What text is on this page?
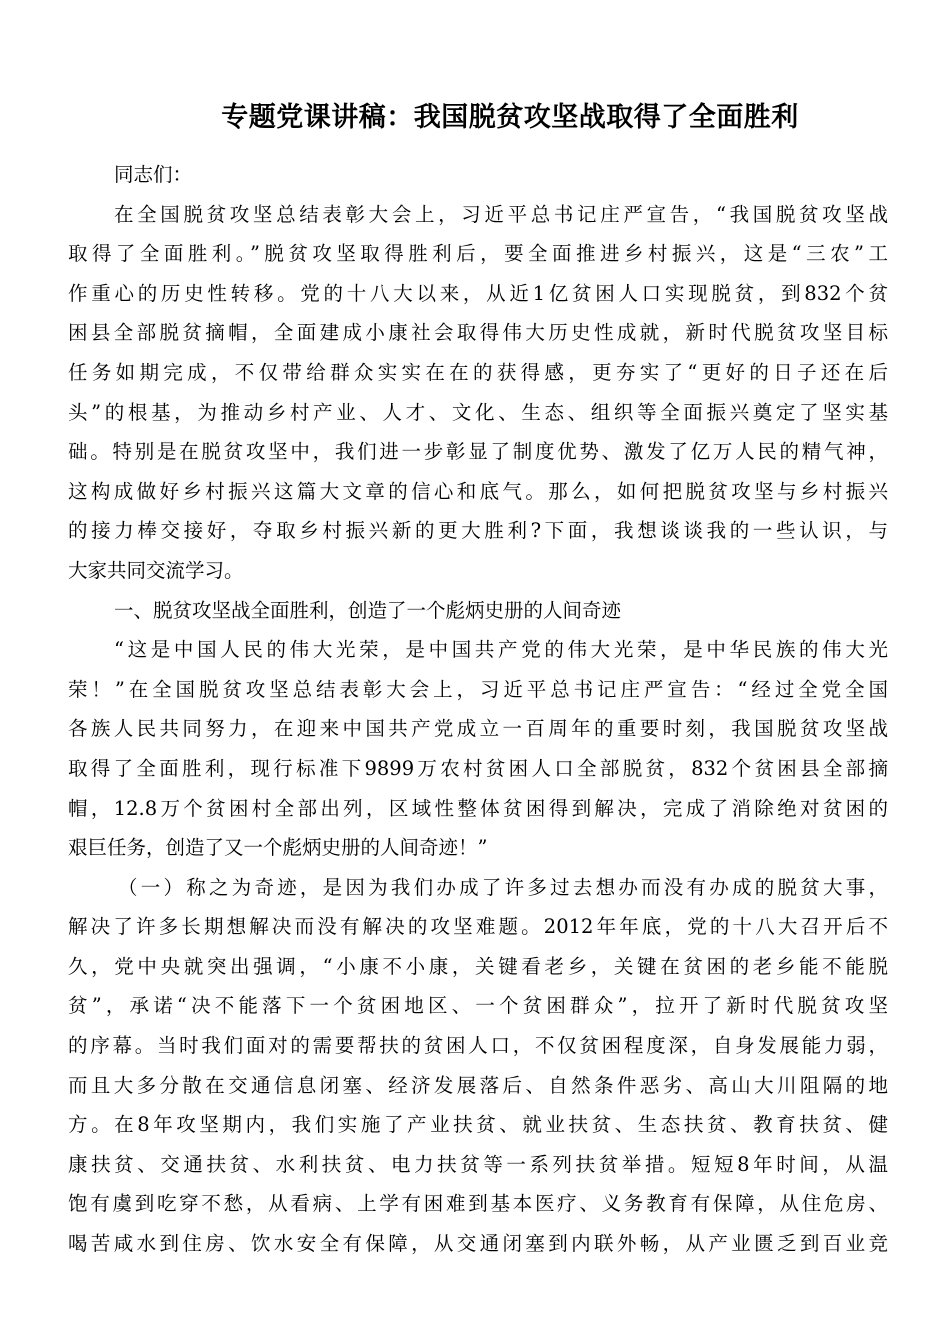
专题党课讲稿：我国脱贫攻坚战取得了全面胜利
同志们：
在全国脱贫攻坚总结表彰大会上，习近平总书记庄严宣告，“我国脱贫攻坚战
取得了全面胜利。”脱贫攻坚取得胜利后，要全面推进乡村振兴，这是“三农”工
作重心的历史性转移。党的十八大以来，从近1亿贫困人口实现脱贫，到832个贫
困县全部脱贫摘帽，全面建成小康社会取得伟大历史性成就，新时代脱贫攻坚目标
任务如期完成，不仅带给群众实实在在的获得感，更夯实了“更好的日子还在后
头”的根基，为推动乡村产业、人才、文化、生态、组织等全面振兴奠定了坚实基
础。特别是在脱贫攻坚中，我们进一步彰显了制度优势、激发了亿万人民的精气神，
这构成做好乡村振兴这篇大文章的信心和底气。那么，如何把脱贫攻坚与乡村振兴
的接力棒交接好，夺取乡村振兴新的更大胜利?下面，我想谈谈我的一些认识，与
大家共同交流学习。
一、脱贫攻坚战全面胜利，创造了一个彪炳史册的人间奇迹
“这是中国人民的伟大光荣，是中国共产党的伟大光荣，是中华民族的伟大光
荣！”在全国脱贫攻坚总结表彰大会上，习近平总书记庄严宣告：“经过全党全国
各族人民共同努力，在迎来中国共产党成立一百周年的重要时刻，我国脱贫攻坚战
取得了全面胜利，现行标准下9899万农村贫困人口全部脱贫，832个贫困县全部摘
帽，12.8万个贫困村全部出列，区域性整体贫困得到解决，完成了消除绝对贫困的
艰巨任务，创造了又一个彪炳史册的人间奇迹！”
（一）称之为奇迹，是因为我们办成了许多过去想办而没有办成的脱贫大事，
解决了许多长期想解决而没有解决的攻坚难题。2012年年底，党的十八大召开后不
久，党中央就突出强调，“小康不小康，关键看老乡，关键在贫困的老乡能不能脱
贫”，承诺“决不能落下一个贫困地区、一个贫困群众”，拉开了新时代脱贫攻坚
的序幕。当时我们面对的需要帮扶的贫困人口，不仅贫困程度深，自身发展能力弱，
而且大多分散在交通信息闭塞、经济发展落后、自然条件恶劣、高山大川阻隔的地
方。在8年攻坚期内，我们实施了产业扶贫、就业扶贫、生态扶贫、教育扶贫、健
康扶贫、交通扶贫、水利扶贫、电力扶贫等一系列扶贫举措。短短8年时间，从温
饱有虞到吃穿不愁，从看病、上学有困难到基本医疗、义务教育有保障，从住危房、
喝苦咸水到住房、饮水安全有保障，从交通闭塞到内联外畅，从产业匮乏到百业竞
